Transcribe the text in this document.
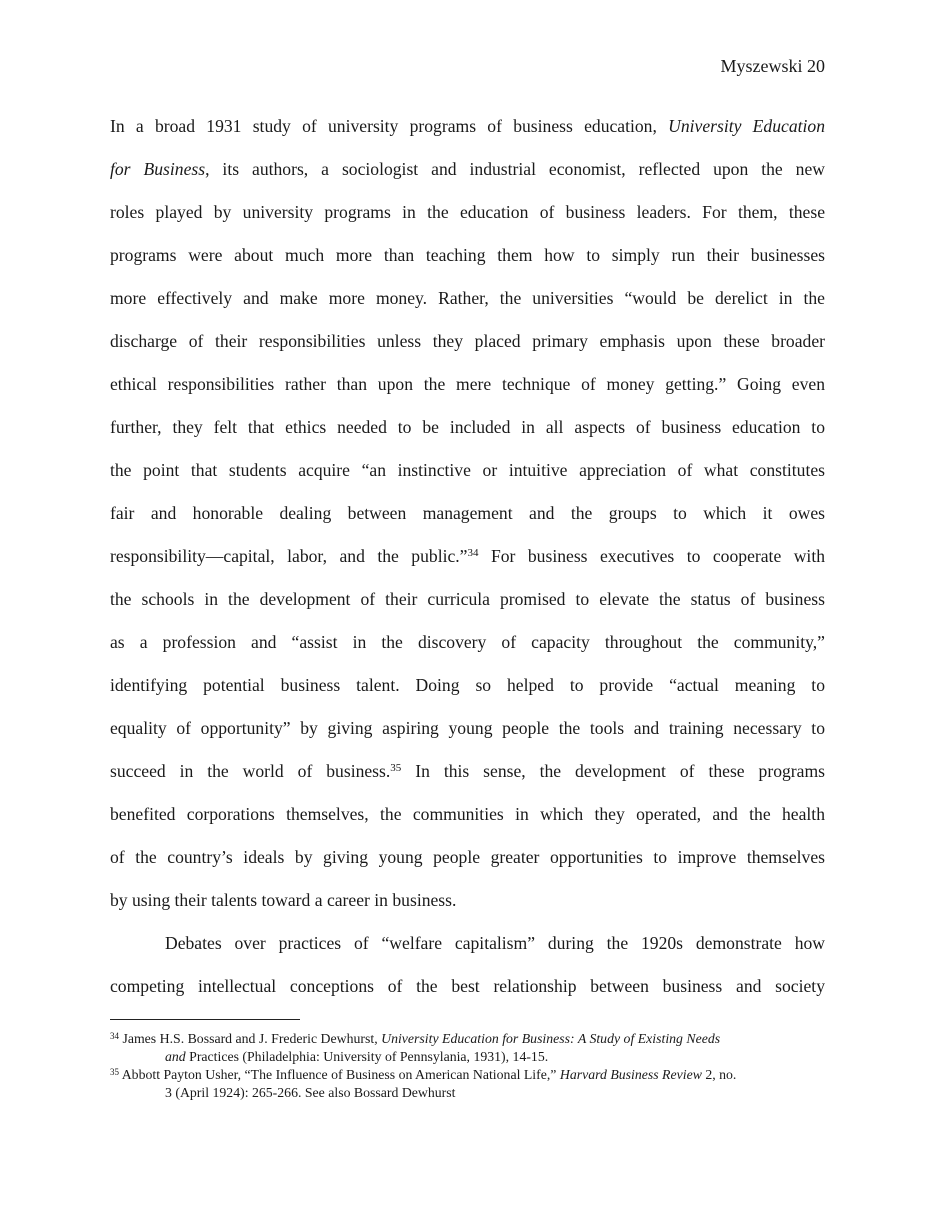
Myszewski 20
In a broad 1931 study of university programs of business education, University Education
for Business, its authors, a sociologist and industrial economist, reflected upon the new
roles played by university programs in the education of business leaders. For them, these
programs were about much more than teaching them how to simply run their businesses
more effectively and make more money. Rather, the universities “would be derelict in the
discharge of their responsibilities unless they placed primary emphasis upon these broader
ethical responsibilities rather than upon the mere technique of money getting.” Going even
further, they felt that ethics needed to be included in all aspects of business education to
the point that students acquire “an instinctive or intuitive appreciation of what constitutes
fair and honorable dealing between management and the groups to which it owes
responsibility—capital, labor, and the public.”$^{34}$ For business executives to cooperate with
the schools in the development of their curricula promised to elevate the status of business
as a profession and “assist in the discovery of capacity throughout the community,”
identifying potential business talent. Doing so helped to provide “actual meaning to
equality of opportunity” by giving aspiring young people the tools and training necessary to
succeed in the world of business.$^{35}$ In this sense, the development of these programs
benefited corporations themselves, the communities in which they operated, and the health
of the country’s ideals by giving young people greater opportunities to improve themselves
by using their talents toward a career in business.
Debates over practices of “welfare capitalism” during the 1920s demonstrate how
competing intellectual conceptions of the best relationship between business and society
$^{34}$ James H.S. Bossard and J. Frederic Dewhurst, University Education for Business: A Study of Existing Needs
and Practices (Philadelphia: University of Pennsylania, 1931), 14-15.
$^{35}$ Abbott Payton Usher, “The Influence of Business on American National Life,” Harvard Business Review 2, no.
3 (April 1924): 265-266. See also Bossard Dewhurst
